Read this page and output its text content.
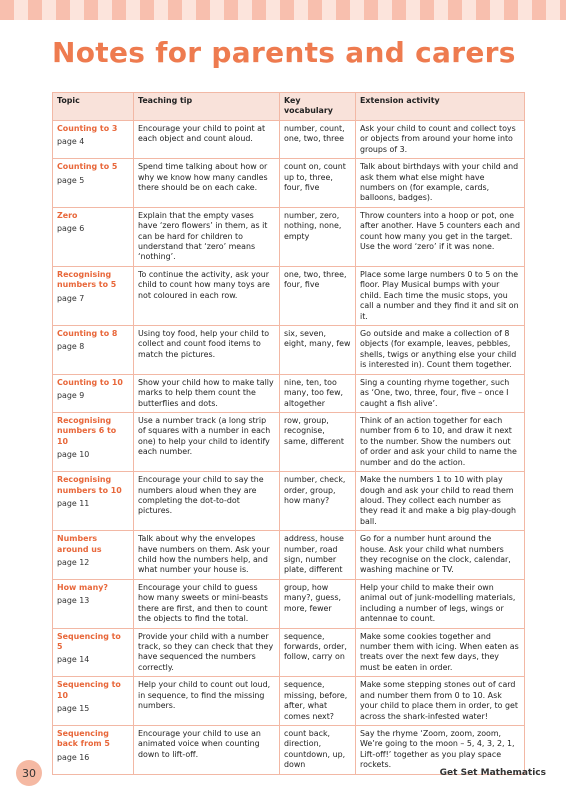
Notes for parents and carers
Topic	Teaching tip	Key vocabulary	Extension activity

Counting to 3
page 4	Encourage your child to point at each object and count aloud.	number, count, one, two, three	Ask your child to count and collect toys or objects from around your home into groups of 3.

Counting to 5
page 5	Spend time talking about how or why we know how many candles there should be on each cake.	count on, count up to, three, four, five	Talk about birthdays with your child and ask them what else might have numbers on (for example, cards, balloons, badges).

Zero
page 6	Explain that the empty vases have ‘zero flowers’ in them, as it can be hard for children to understand that ‘zero’ means ‘nothing’.	number, zero, nothing, none, empty	Throw counters into a hoop or pot, one after another. Have 5 counters each and count how many you get in the target. Use the word ‘zero’ if it was none.

Recognising numbers to 5
page 7	To continue the activity, ask your child to count how many toys are not coloured in each row.	one, two, three, four, five	Place some large numbers 0 to 5 on the floor. Play Musical bumps with your child. Each time the music stops, you call a number and they find it and sit on it.

Counting to 8
page 8	Using toy food, help your child to collect and count food items to match the pictures.	six, seven, eight, many, few	Go outside and make a collection of 8 objects (for example, leaves, pebbles, shells, twigs or anything else your child is interested in). Count them together.

Counting to 10
page 9	Show your child how to make tally marks to help them count the butterflies and dots.	nine, ten, too many, too few, altogether	Sing a counting rhyme together, such as ‘One, two, three, four, five – once I caught a fish alive’.

Recognising numbers 6 to 10
page 10	Use a number track (a long strip of squares with a number in each one) to help your child to identify each number.	row, group, recognise, same, different	Think of an action together for each number from 6 to 10, and draw it next to the number. Show the numbers out of order and ask your child to name the number and do the action.

Recognising numbers to 10
page 11	Encourage your child to say the numbers aloud when they are completing the dot-to-dot pictures.	number, check, order, group, how many?	Make the numbers 1 to 10 with play dough and ask your child to read them aloud. They collect each number as they read it and make a big play-dough ball.

Numbers around us
page 12	Talk about why the envelopes have numbers on them. Ask your child how the numbers help, and what number your house is.	address, house number, road sign, number plate, different	Go for a number hunt around the house. Ask your child what numbers they recognise on the clock, calendar, washing machine or TV.

How many?
page 13	Encourage your child to guess how many sweets or mini-beasts there are first, and then to count the objects to find the total.	group, how many?, guess, more, fewer	Help your child to make their own animal out of junk-modelling materials, including a number of legs, wings or antennae to count.

Sequencing to 5
page 14	Provide your child with a number track, so they can check that they have sequenced the numbers correctly.	sequence, forwards, order, follow, carry on	Make some cookies together and number them with icing. When eaten as treats over the next few days, they must be eaten in order.

Sequencing to 10
page 15	Help your child to count out loud, in sequence, to find the missing numbers.	sequence, missing, before, after, what comes next?	Make some stepping stones out of card and number them from 0 to 10. Ask your child to place them in order, to get across the shark-infested water!

Sequencing back from 5
page 16	Encourage your child to use an animated voice when counting down to lift-off.	count back, direction, countdown, up, down	Say the rhyme ‘Zoom, zoom, zoom, We’re going to the moon – 5, 4, 3, 2, 1, Lift-off!’ together as you play space rockets.
30	Get Set Mathematics
